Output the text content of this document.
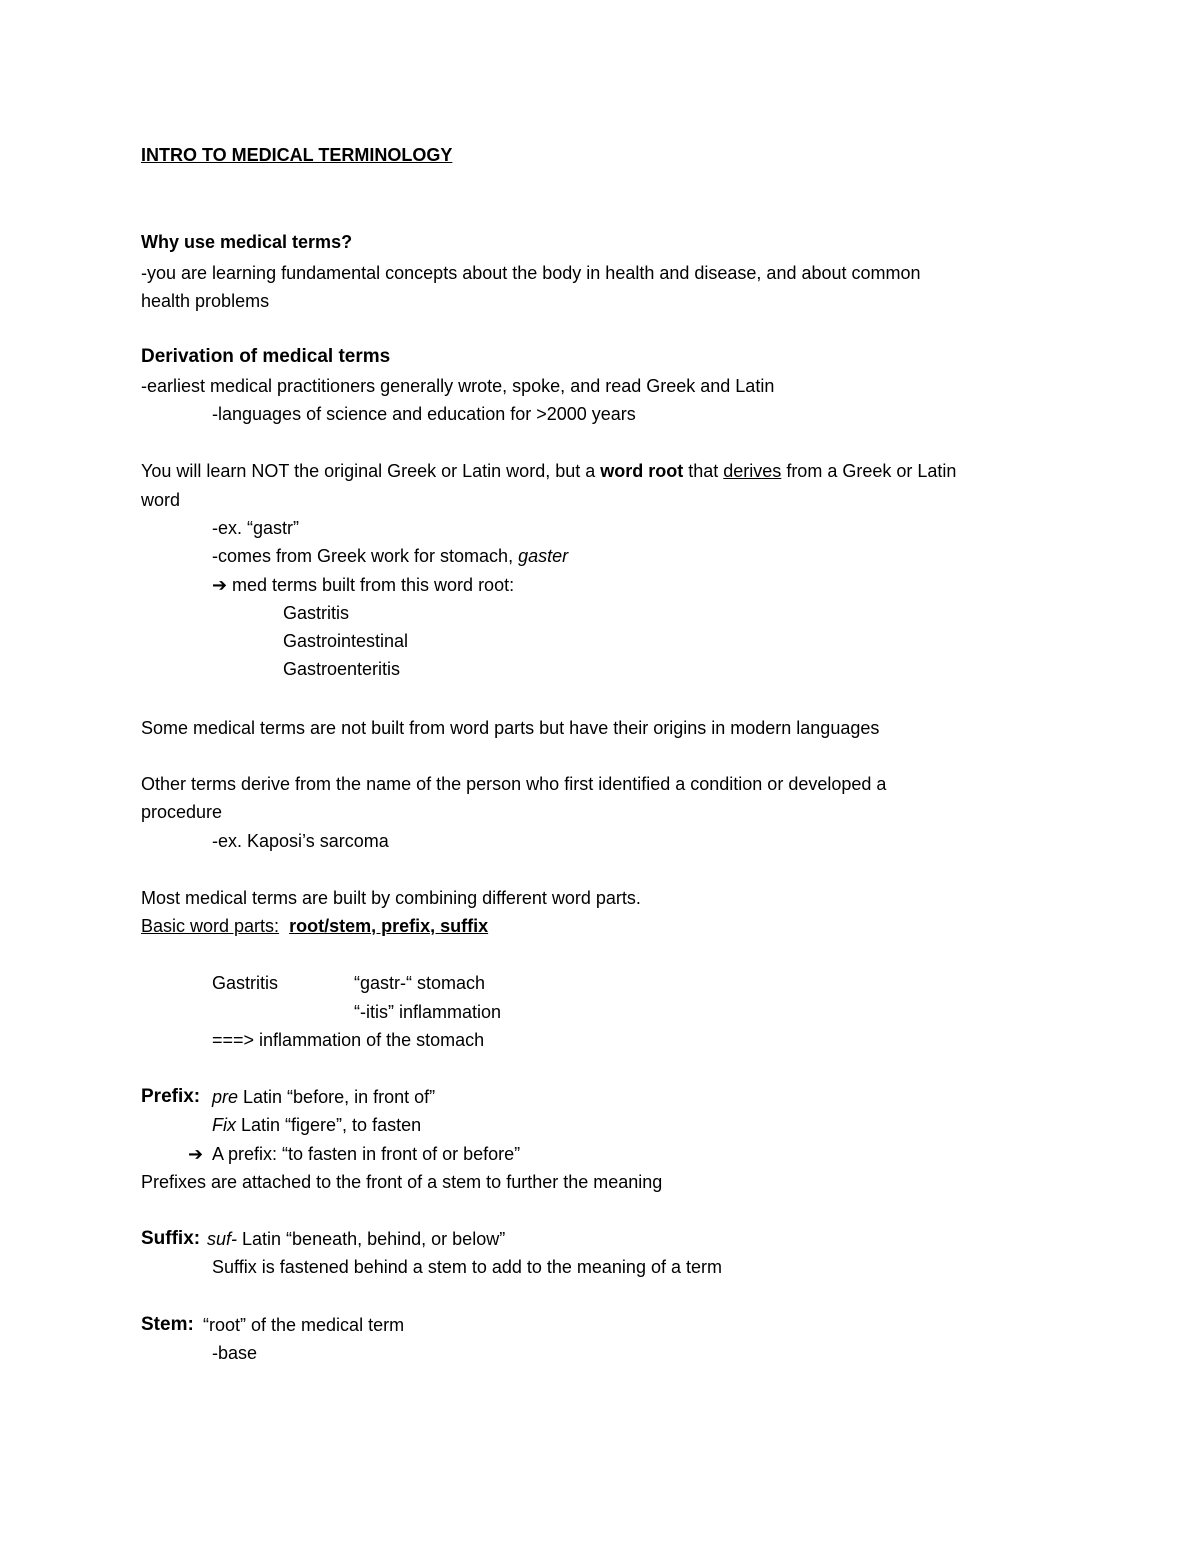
INTRO TO MEDICAL TERMINOLOGY
Why use medical terms?
-you are learning fundamental concepts about the body in health and disease, and about common
health problems
Derivation of medical terms
-earliest medical practitioners generally wrote, spoke, and read Greek and Latin
-languages of science and education for >2000 years
You will learn NOT the original Greek or Latin word, but a word root that derives from a Greek or Latin
word
-ex. “gastr”
-comes from Greek work for stomach, gaster
➔ med terms built from this word root:
Gastritis
Gastrointestinal
Gastroenteritis
Some medical terms are not built from word parts but have their origins in modern languages
Other terms derive from the name of the person who first identified a condition or developed a
procedure
-ex. Kaposi’s sarcoma
Most medical terms are built by combining different word parts.
Basic word parts: root/stem, prefix, suffix
Gastritis	“gastr-“ stomach
“-itis” inflammation
===> inflammation of the stomach
Prefix: pre Latin “before, in front of”
Fix Latin “figere”, to fasten
➔ A prefix: “to fasten in front of or before”
Prefixes are attached to the front of a stem to further the meaning
Suffix: suf- Latin “beneath, behind, or below”
Suffix is fastened behind a stem to add to the meaning of a term
Stem: “root” of the medical term
-base
